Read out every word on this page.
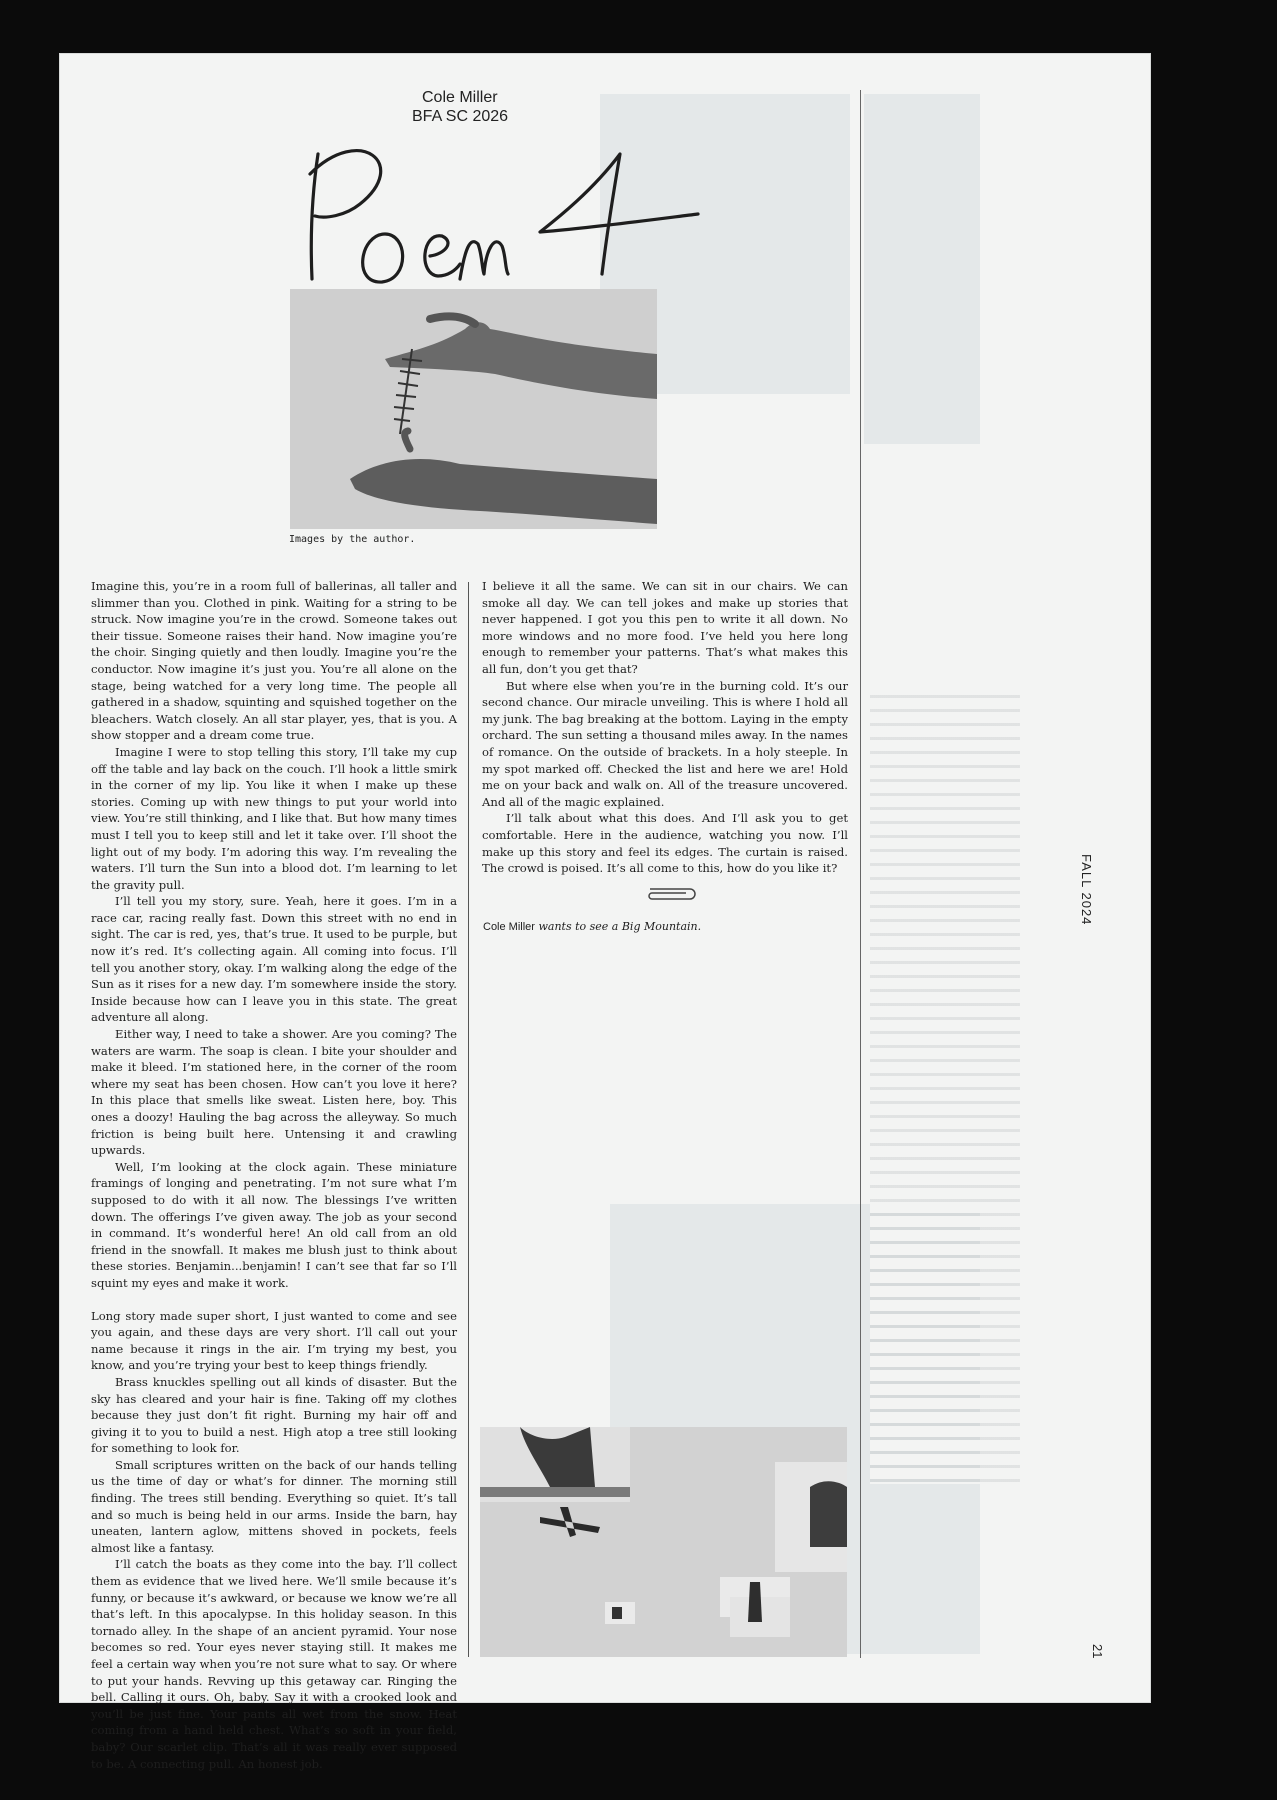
Cole Miller
BFA SC 2026
Images by the author.

Imagine this, you’re in a room full of ballerinas, all taller and slimmer than you. Clothed in pink. Waiting for a string to be struck. Now imagine you’re in the crowd. Someone takes out their tissue. Someone raises their hand. Now imagine you’re the choir. Singing quietly and then loudly. Imagine you’re the conductor. Now imagine it’s just you. You’re all alone on the stage, being watched for a very long time. The people all gathered in a shadow, squinting and squished together on the bleachers. Watch closely. An all star player, yes, that is you. A show stopper and a dream come true.

Imagine I were to stop telling this story, I’ll take my cup off the table and lay back on the couch. I’ll hook a little smirk in the corner of my lip. You like it when I make up these stories. Coming up with new things to put your world into view. You’re still thinking, and I like that. But how many times must I tell you to keep still and let it take over. I’ll shoot the light out of my body. I’m adoring this way. I’m revealing the waters. I’ll turn the Sun into a blood dot. I’m learning to let the gravity pull.

I’ll tell you my story, sure. Yeah, here it goes. I’m in a race car, racing really fast. Down this street with no end in sight. The car is red, yes, that’s true. It used to be purple, but now it’s red. It’s collecting again. All coming into focus. I’ll tell you another story, okay. I’m walking along the edge of the Sun as it rises for a new day. I’m somewhere inside the story. Inside because how can I leave you in this state. The great adventure all along.

Either way, I need to take a shower. Are you coming? The waters are warm. The soap is clean. I bite your shoulder and make it bleed. I’m stationed here, in the corner of the room where my seat has been chosen. How can’t you love it here? In this place that smells like sweat. Listen here, boy. This ones a doozy! Hauling the bag across the alleyway. So much friction is being built here. Untensing it and crawling upwards.

Well, I’m looking at the clock again. These miniature framings of longing and penetrating. I’m not sure what I’m supposed to do with it all now. The blessings I’ve written down. The offerings I’ve given away. The job as your second in command. It’s wonderful here! An old call from an old friend in the snowfall. It makes me blush just to think about these stories. Benjamin...benjamin! I can’t see that far so I’ll squint my eyes and make it work.

Long story made super short, I just wanted to come and see you again, and these days are very short. I’ll call out your name because it rings in the air. I’m trying my best, you know, and you’re trying your best to keep things friendly.

Brass knuckles spelling out all kinds of disaster. But the sky has cleared and your hair is fine. Taking off my clothes because they just don’t fit right. Burning my hair off and giving it to you to build a nest. High atop a tree still looking for something to look for.

Small scriptures written on the back of our hands telling us the time of day or what’s for dinner. The morning still finding. The trees still bending. Everything so quiet. It’s tall and so much is being held in our arms. Inside the barn, hay uneaten, lantern aglow, mittens shoved in pockets, feels almost like a fantasy.

I’ll catch the boats as they come into the bay. I’ll collect them as evidence that we lived here. We’ll smile because it’s funny, or because it’s awkward, or because we know we’re all that’s left. In this apocalypse. In this holiday season. In this tornado alley. In the shape of an ancient pyramid. Your nose becomes so red. Your eyes never staying still. It makes me feel a certain way when you’re not sure what to say. Or where to put your hands. Revving up this getaway car. Ringing the bell. Calling it ours. Oh, baby. Say it with a crooked look and you’ll be just fine. Your pants all wet from the snow. Heat coming from a hand held chest. What’s so soft in your field, baby? Our scarlet clip. That’s all it was really ever supposed to be. A connecting pull. An honest job.

I believe it all the same. We can sit in our chairs. We can smoke all day. We can tell jokes and make up stories that never happened. I got you this pen to write it all down. No more windows and no more food. I’ve held you here long enough to remember your patterns. That’s what makes this all fun, don’t you get that?

But where else when you’re in the burning cold. It’s our second chance. Our miracle unveiling. This is where I hold all my junk. The bag breaking at the bottom. Laying in the empty orchard. The sun setting a thousand miles away. In the names of romance. On the outside of brackets. In a holy steeple. In my spot marked off. Checked the list and here we are! Hold me on your back and walk on. All of the treasure uncovered. And all of the magic explained.

I’ll talk about what this does. And I’ll ask you to get comfortable. Here in the audience, watching you now. I’ll make up this story and feel its edges. The curtain is raised. The crowd is poised. It’s all come to this, how do you like it?

Cole Miller wants to see a Big Mountain.
FALL 2024
21
